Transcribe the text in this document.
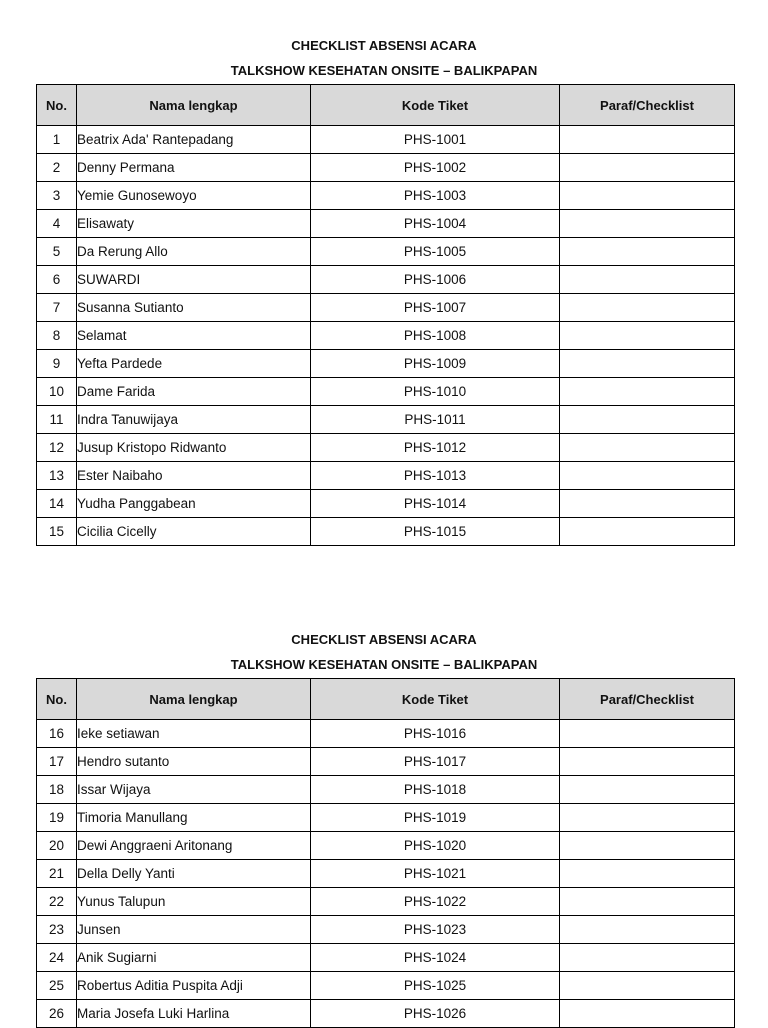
CHECKLIST ABSENSI ACARA

TALKSHOW KESEHATAN ONSITE – BALIKPAPAN

No.	Nama lengkap	Kode Tiket	Paraf/Checklist
1	Beatrix Ada' Rantepadang	PHS-1001	
2	Denny Permana	PHS-1002	
3	Yemie Gunosewoyo	PHS-1003	
4	Elisawaty	PHS-1004	
5	Da Rerung Allo	PHS-1005	
6	SUWARDI	PHS-1006	
7	Susanna Sutianto	PHS-1007	
8	Selamat	PHS-1008	
9	Yefta Pardede	PHS-1009	
10	Dame Farida	PHS-1010	
11	Indra Tanuwijaya	PHS-1011	
12	Jusup Kristopo Ridwanto	PHS-1012	
13	Ester Naibaho	PHS-1013	
14	Yudha Panggabean	PHS-1014	
15	Cicilia Cicelly	PHS-1015	

CHECKLIST ABSENSI ACARA

TALKSHOW KESEHATAN ONSITE – BALIKPAPAN

No.	Nama lengkap	Kode Tiket	Paraf/Checklist
16	Ieke setiawan	PHS-1016	
17	Hendro sutanto	PHS-1017	
18	Issar Wijaya	PHS-1018	
19	Timoria Manullang	PHS-1019	
20	Dewi Anggraeni Aritonang	PHS-1020	
21	Della Delly Yanti	PHS-1021	
22	Yunus Talupun	PHS-1022	
23	Junsen	PHS-1023	
24	Anik Sugiarni	PHS-1024	
25	Robertus Aditia Puspita Adji	PHS-1025	
26	Maria Josefa Luki Harlina	PHS-1026	
